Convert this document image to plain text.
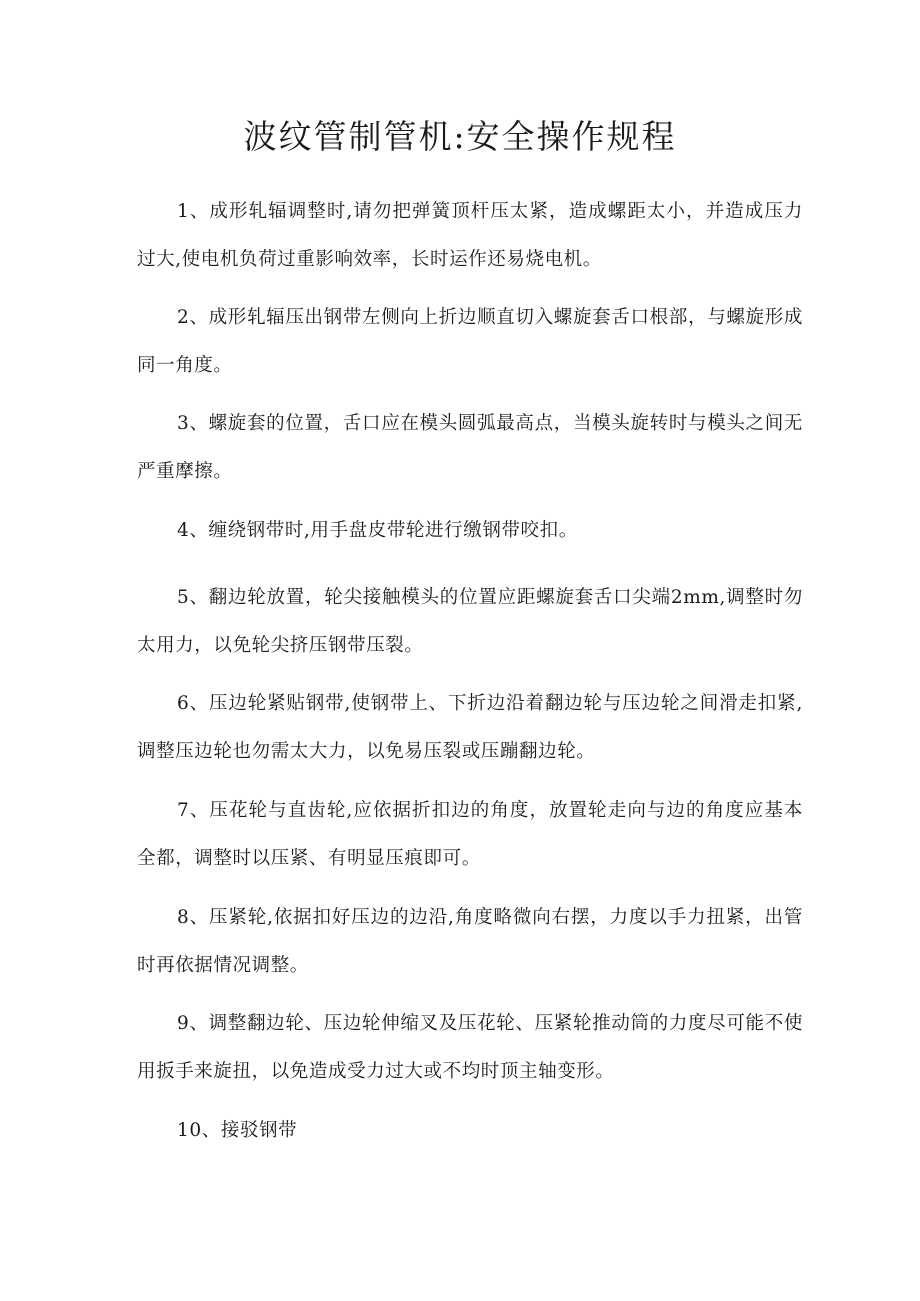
波纹管制管机:安全操作规程

1、成形轧辐调整时,请勿把弹簧顶杆压太紧，造成螺距太小，并造成压力过大,使电机负荷过重影响效率，长时运作还易烧电机。

2、成形轧辐压出钢带左侧向上折边顺直切入螺旋套舌口根部，与螺旋形成同一角度。

3、螺旋套的位置，舌口应在模头圆弧最高点，当模头旋转时与模头之间无严重摩擦。

4、缠绕钢带时,用手盘皮带轮进行缴钢带咬扣。

5、翻边轮放置，轮尖接触模头的位置应距螺旋套舌口尖端2mm,调整时勿太用力，以免轮尖挤压钢带压裂。

6、压边轮紧贴钢带,使钢带上、下折边沿着翻边轮与压边轮之间滑走扣紧,调整压边轮也勿需太大力，以免易压裂或压蹦翻边轮。

7、压花轮与直齿轮,应依据折扣边的角度，放置轮走向与边的角度应基本全都，调整时以压紧、有明显压痕即可。

8、压紧轮,依据扣好压边的边沿,角度略微向右摆，力度以手力扭紧，出管时再依据情况调整。

9、调整翻边轮、压边轮伸缩叉及压花轮、压紧轮推动筒的力度尽可能不使用扳手来旋扭，以免造成受力过大或不均时顶主轴变形。

10、接驳钢带
